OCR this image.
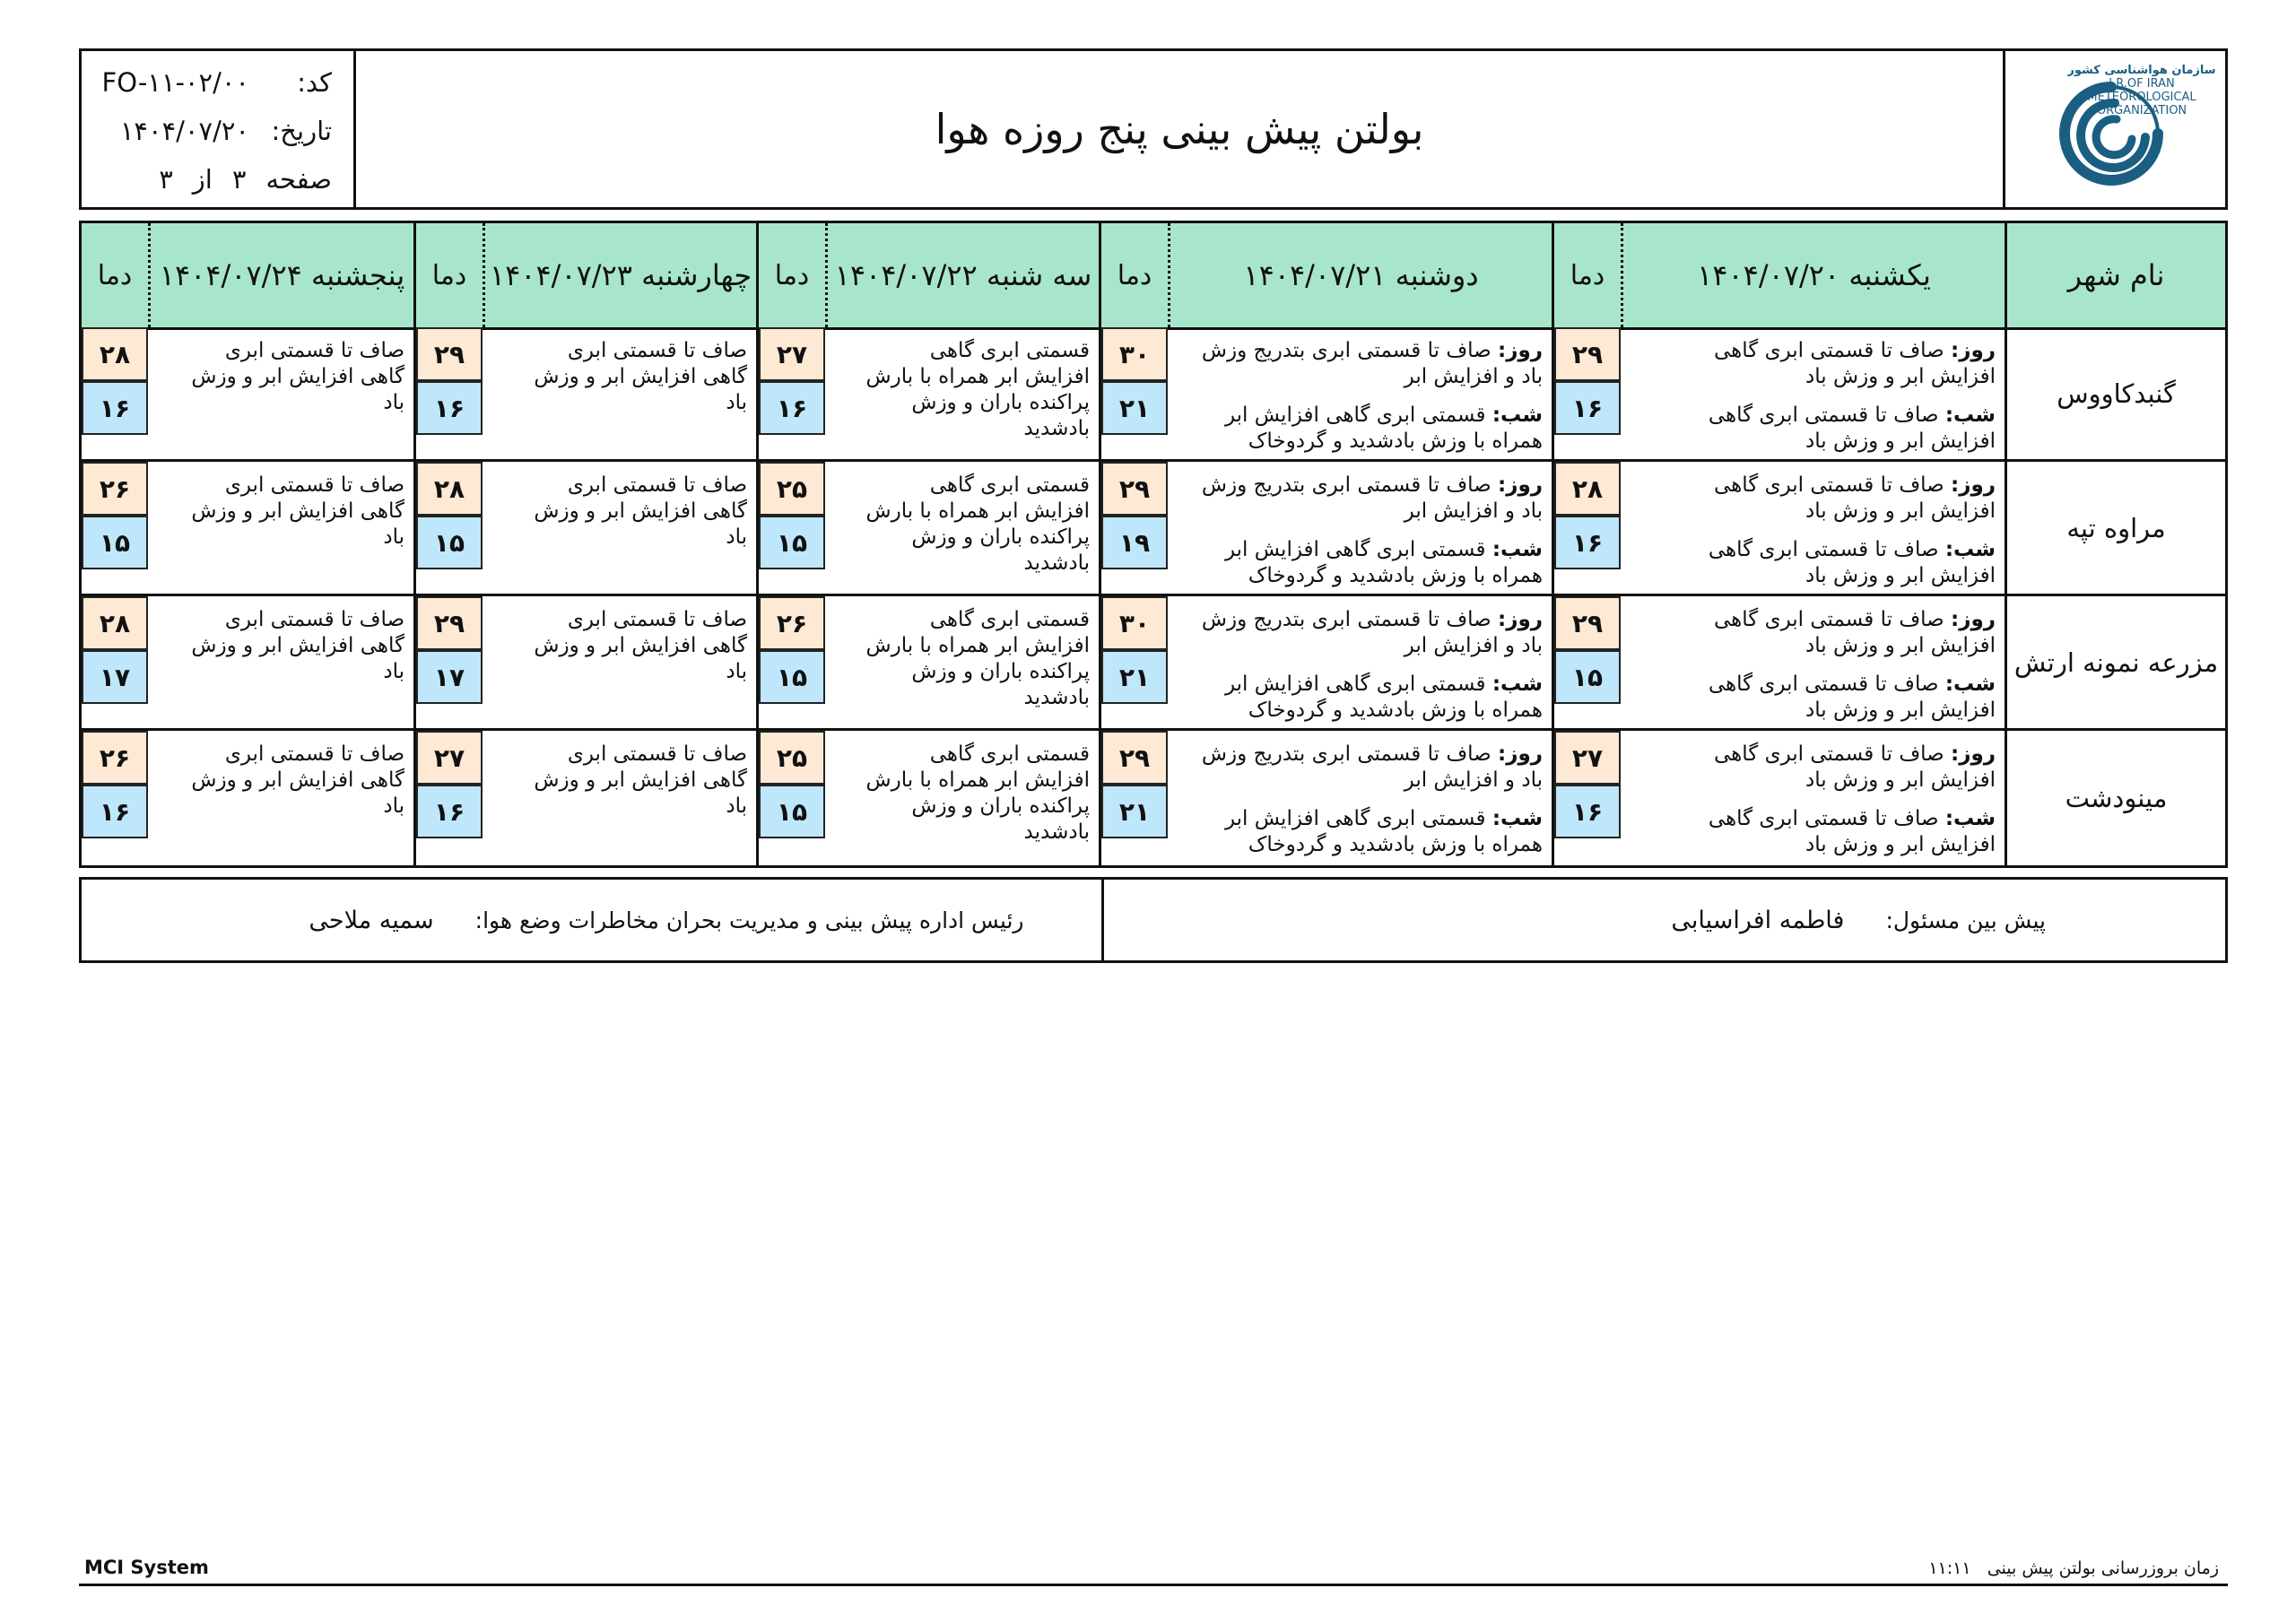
سازمان هواشناسی کشور
I.R.OF IRAN
METEOROLOGICAL
ORGANIZATION
بولتن پیش بینی پنج روزه هوا
کد:
FO-۱۱-۰۲/۰۰
تاریخ:
۱۴۰۴/۰۷/۲۰
صفحه
۳
از
۳
نام شهر
یکشنبه ۱۴۰۴/۰۷/۲۰
دما
دوشنبه ۱۴۰۴/۰۷/۲۱
دما
سه شنبه ۱۴۰۴/۰۷/۲۲
دما
چهارشنبه ۱۴۰۴/۰۷/۲۳
دما
پنجشنبه ۱۴۰۴/۰۷/۲۴
دما
گنبدکاووس
روز: صاف تا قسمتی ابری گاهی
افزایش ابر و وزش باد
شب: صاف تا قسمتی ابری گاهی
افزایش ابر و وزش باد
۲۹
۱۶
روز: صاف تا قسمتی ابری بتدریج وزش
باد و افزایش ابر
شب: قسمتی ابری گاهی افزایش ابر
همراه با وزش بادشدید و گردوخاک
۳۰
۲۱
قسمتی ابری گاهی
افزایش ابر همراه با بارش
پراکنده باران و وزش
بادشدید
۲۷
۱۶
صاف تا قسمتی ابری
گاهی افزایش ابر و وزش
باد
۲۹
۱۶
صاف تا قسمتی ابری
گاهی افزایش ابر و وزش
باد
۲۸
۱۶
مراوه تپه
روز: صاف تا قسمتی ابری گاهی
افزایش ابر و وزش باد
شب: صاف تا قسمتی ابری گاهی
افزایش ابر و وزش باد
۲۸
۱۶
روز: صاف تا قسمتی ابری بتدریج وزش
باد و افزایش ابر
شب: قسمتی ابری گاهی افزایش ابر
همراه با وزش بادشدید و گردوخاک
۲۹
۱۹
قسمتی ابری گاهی
افزایش ابر همراه با بارش
پراکنده باران و وزش
بادشدید
۲۵
۱۵
صاف تا قسمتی ابری
گاهی افزایش ابر و وزش
باد
۲۸
۱۵
صاف تا قسمتی ابری
گاهی افزایش ابر و وزش
باد
۲۶
۱۵
مزرعه نمونه ارتش
روز: صاف تا قسمتی ابری گاهی
افزایش ابر و وزش باد
شب: صاف تا قسمتی ابری گاهی
افزایش ابر و وزش باد
۲۹
۱۵
روز: صاف تا قسمتی ابری بتدریج وزش
باد و افزایش ابر
شب: قسمتی ابری گاهی افزایش ابر
همراه با وزش بادشدید و گردوخاک
۳۰
۲۱
قسمتی ابری گاهی
افزایش ابر همراه با بارش
پراکنده باران و وزش
بادشدید
۲۶
۱۵
صاف تا قسمتی ابری
گاهی افزایش ابر و وزش
باد
۲۹
۱۷
صاف تا قسمتی ابری
گاهی افزایش ابر و وزش
باد
۲۸
۱۷
مینودشت
روز: صاف تا قسمتی ابری گاهی
افزایش ابر و وزش باد
شب: صاف تا قسمتی ابری گاهی
افزایش ابر و وزش باد
۲۷
۱۶
روز: صاف تا قسمتی ابری بتدریج وزش
باد و افزایش ابر
شب: قسمتی ابری گاهی افزایش ابر
همراه با وزش بادشدید و گردوخاک
۲۹
۲۱
قسمتی ابری گاهی
افزایش ابر همراه با بارش
پراکنده باران و وزش
بادشدید
۲۵
۱۵
صاف تا قسمتی ابری
گاهی افزایش ابر و وزش
باد
۲۷
۱۶
صاف تا قسمتی ابری
گاهی افزایش ابر و وزش
باد
۲۶
۱۶
پیش بین مسئول:
فاطمه افراسیابی
رئیس اداره پیش بینی و مدیریت بحران مخاطرات وضع هوا:
سمیه ملاحی
MCI System	زمان بروزرسانی بولتن پیش بینی   ۱۱:۱۱
